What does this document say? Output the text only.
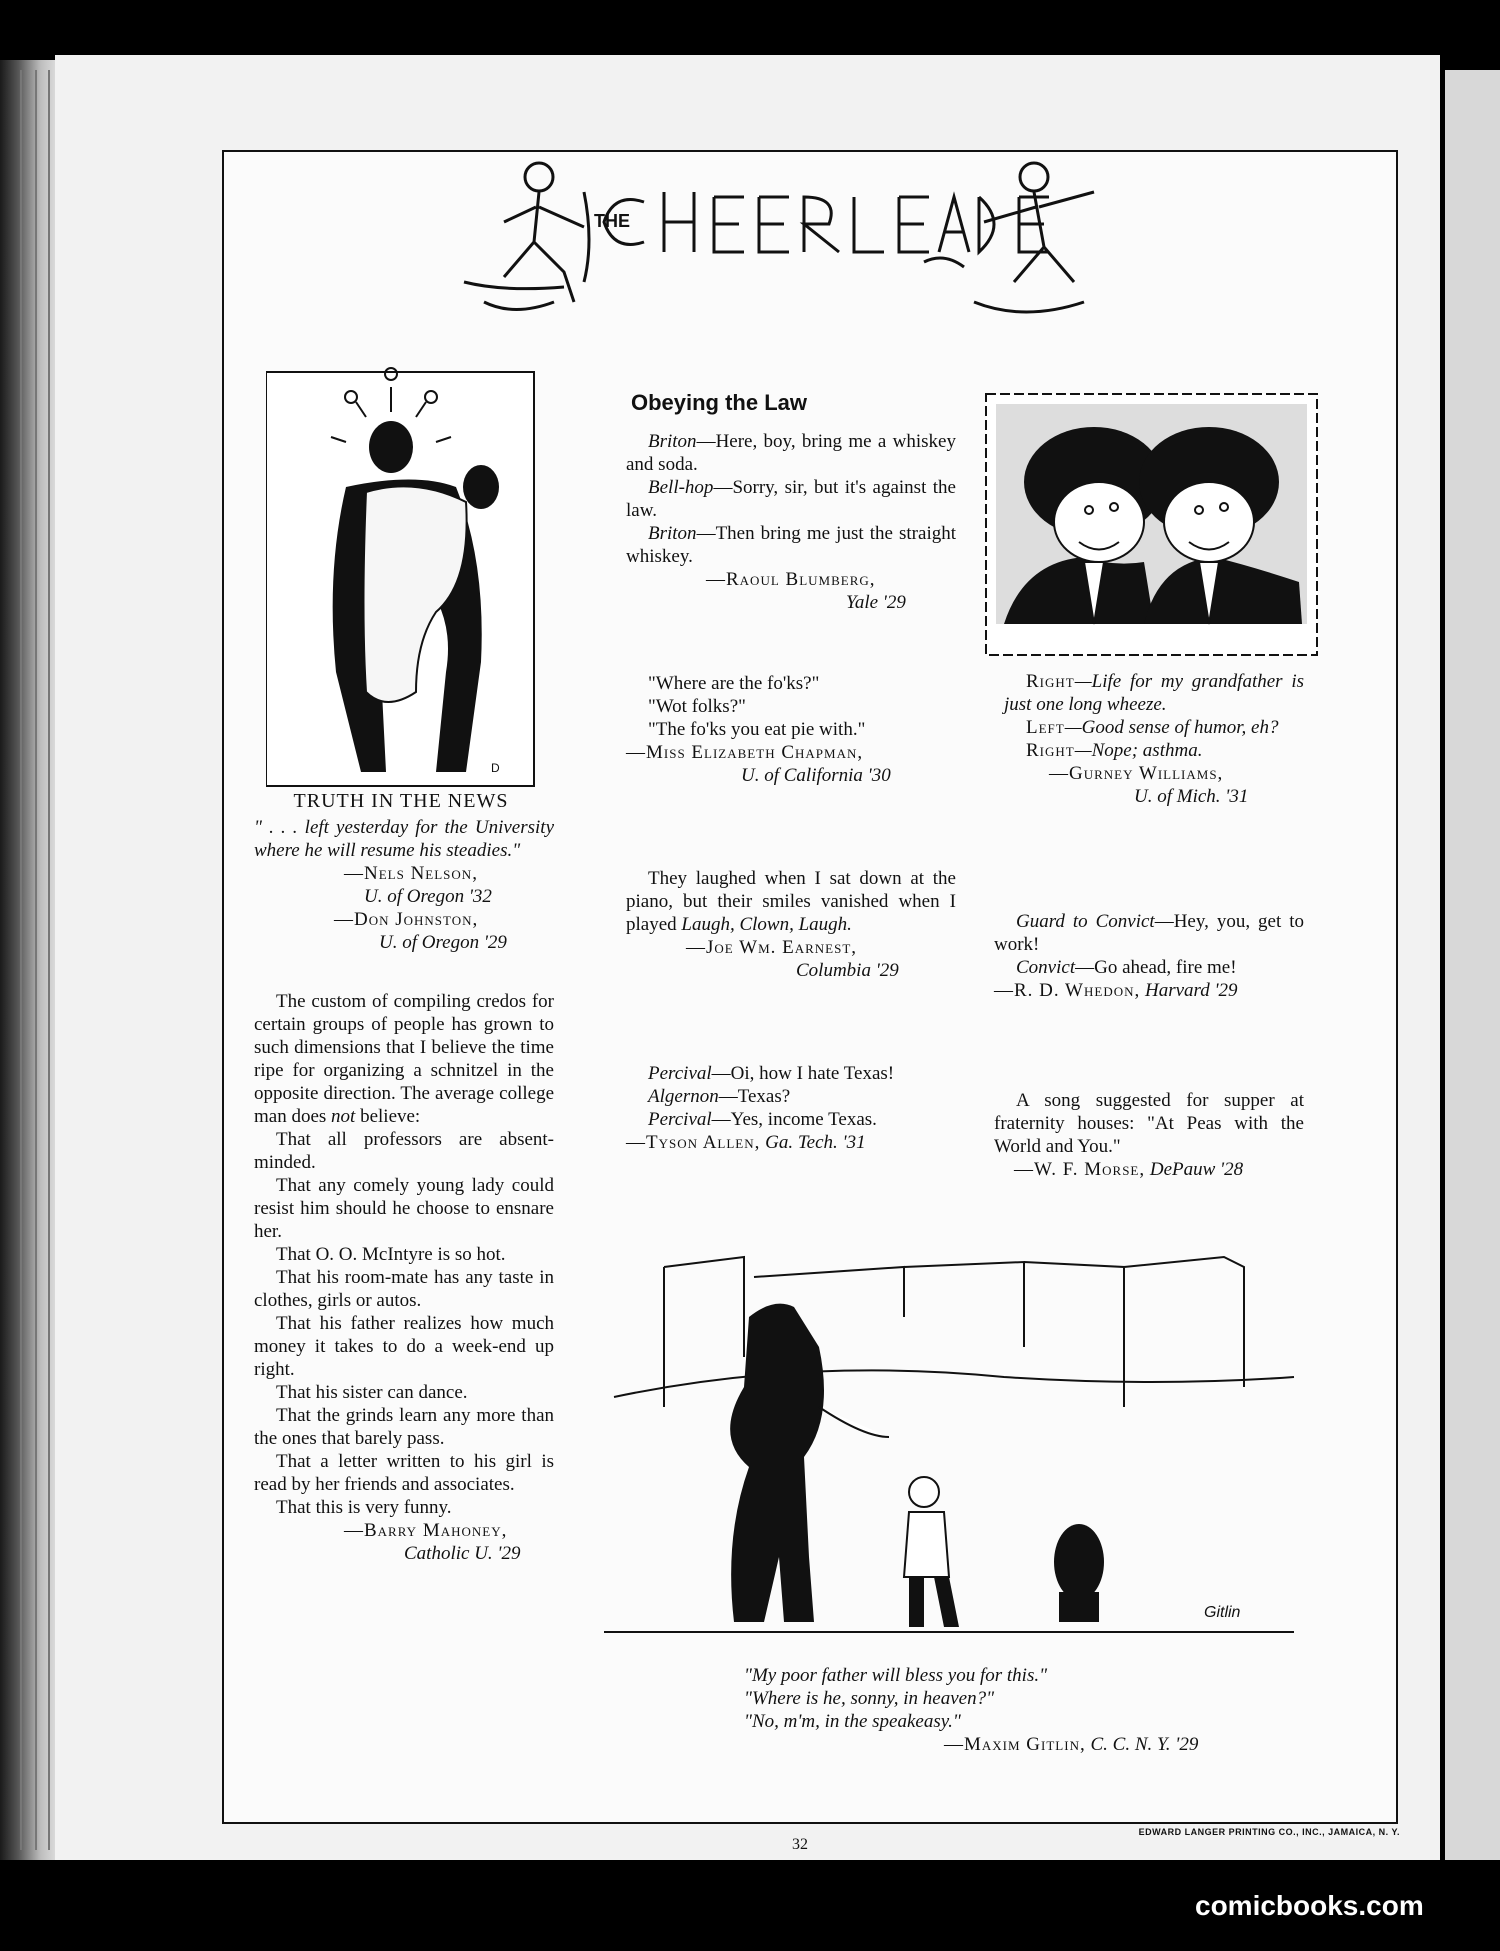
THE
D
TRUTH IN THE NEWS

" . . . left yesterday for the University where he will resume his steadies."

—Nels Nelson,

U. of Oregon '32

—Don Johnston,

U. of Oregon '29

The custom of compiling credos for certain groups of people has grown to such dimensions that I believe the time ripe for organizing a schnitzel in the opposite direction. The average college man does not believe:

That all professors are absent-minded.

That any comely young lady could resist him should he choose to ensnare her.

That O. O. McIntyre is so hot.

That his room-mate has any taste in clothes, girls or autos.

That his father realizes how much money it takes to do a week-end up right.

That his sister can dance.

That the grinds learn any more than the ones that barely pass.

That a letter written to his girl is read by her friends and associates.

That this is very funny.

—Barry Mahoney,

Catholic U. '29

Obeying the Law

Briton—Here, boy, bring me a whiskey and soda.

Bell-hop—Sorry, sir, but it's against the law.

Briton—Then bring me just the straight whiskey.

—Raoul Blumberg,

Yale '29

"Where are the fo'ks?"

"Wot folks?"

"The fo'ks you eat pie with."

—Miss Elizabeth Chapman,

U. of California '30

They laughed when I sat down at the piano, but their smiles vanished when I played Laugh, Clown, Laugh.

—Joe Wm. Earnest,

Columbia '29

Percival—Oi, how I hate Texas!

Algernon—Texas?

Percival—Yes, income Texas.

—Tyson Allen, Ga. Tech. '31

Right—Life for my grandfather is just one long wheeze.

Left—Good sense of humor, eh?

Right—Nope; asthma.

—Gurney Williams,

U. of Mich. '31

Guard to Convict—Hey, you, get to work!

Convict—Go ahead, fire me!

—R. D. Whedon, Harvard '29

A song suggested for supper at fraternity houses: "At Peas with the World and You."

—W. F. Morse, DePauw '28

Gitlin

"My poor father will bless you for this."

"Where is he, sonny, in heaven?"

"No, m'm, in the speakeasy."

—Maxim Gitlin, C. C. N. Y. '29

32
EDWARD LANGER PRINTING CO., INC., JAMAICA, N. Y.
comicbooks.com
